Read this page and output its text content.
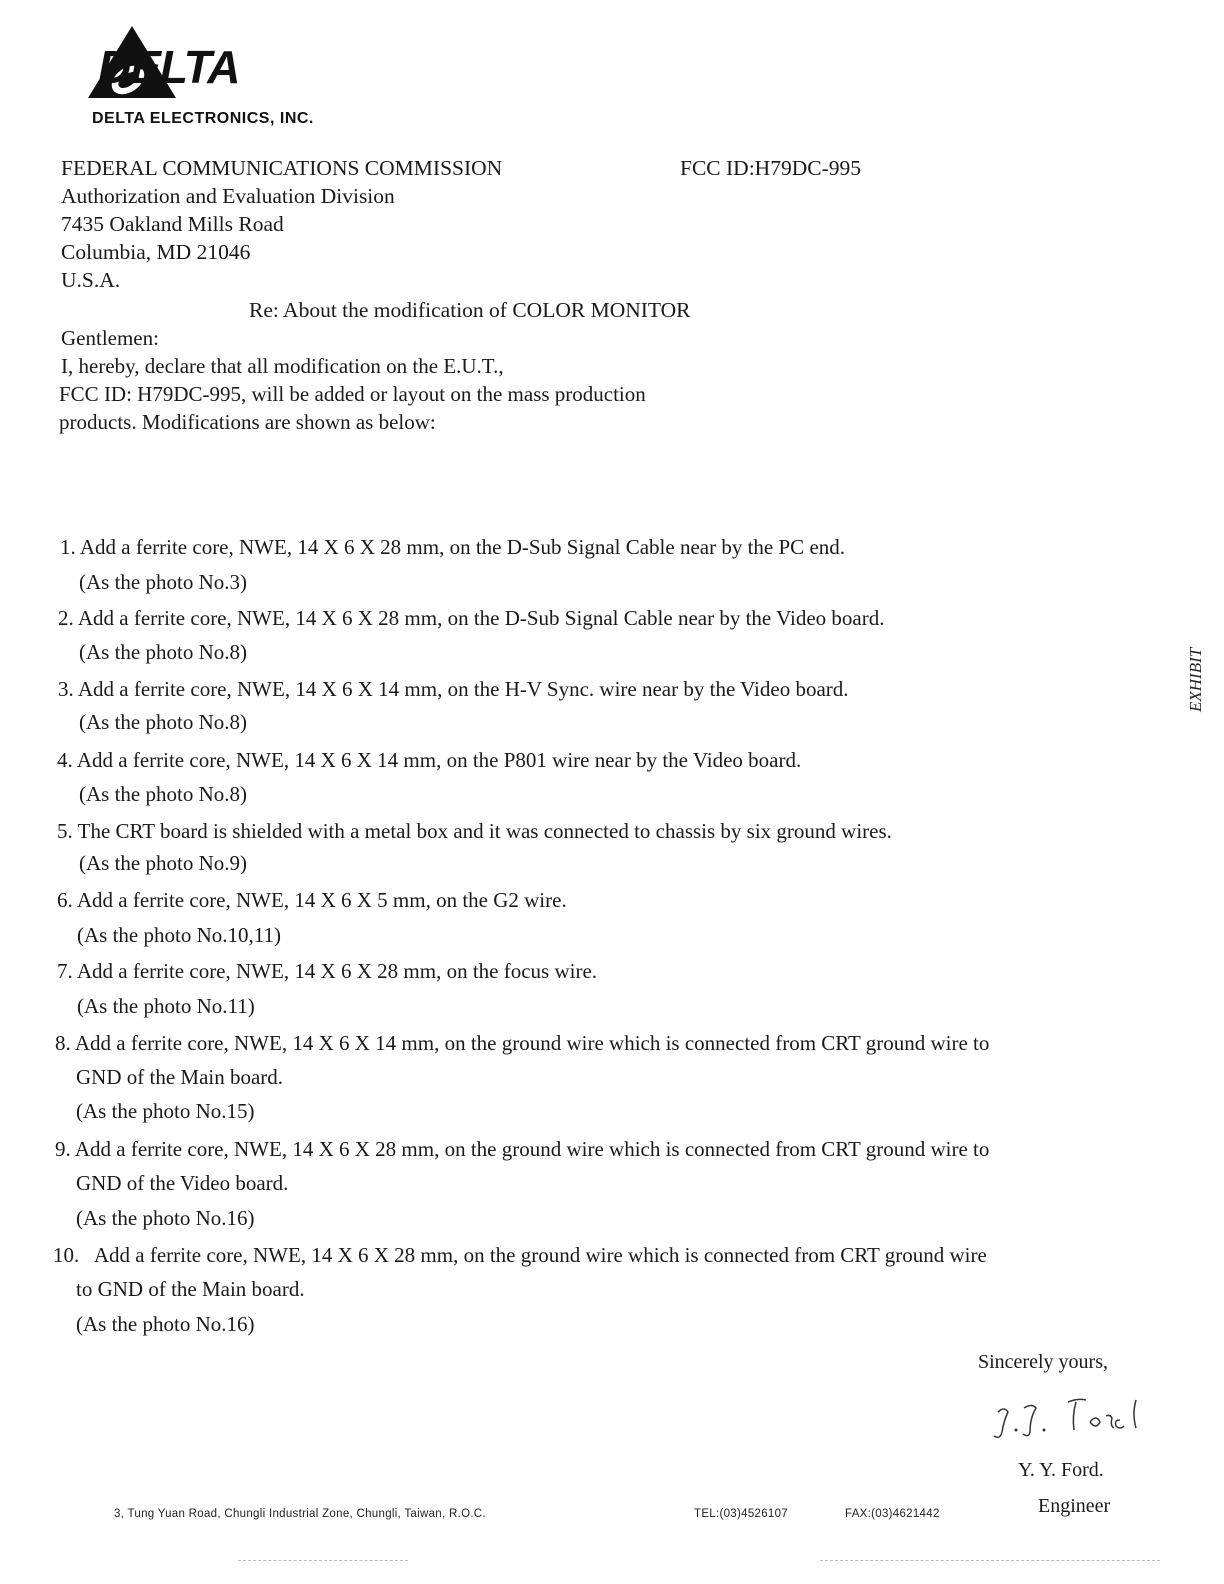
DELTA
DELTA ELECTRONICS, INC.
FEDERAL COMMUNICATIONS COMMISSION	FCC ID:H79DC-995
Authorization and Evaluation Division
7435 Oakland Mills Road
Columbia, MD 21046
U.S.A.
Re: About the modification of COLOR MONITOR
Gentlemen:
I, hereby, declare that all modification on the E.U.T.,
FCC ID: H79DC-995, will be added or layout on the mass production
products. Modifications are shown as below:
1. Add a ferrite core, NWE, 14 X 6 X 28 mm, on the D-Sub Signal Cable near by the PC end.
(As the photo No.3)
2. Add a ferrite core, NWE, 14 X 6 X 28 mm, on the D-Sub Signal Cable near by the Video board.
(As the photo No.8)
3. Add a ferrite core, NWE, 14 X 6 X 14 mm, on the H-V Sync. wire near by the Video board.
(As the photo No.8)
4. Add a ferrite core, NWE, 14 X 6 X 14 mm, on the P801 wire near by the Video board.
(As the photo No.8)
5. The CRT board is shielded with a metal box and it was connected to chassis by six ground wires.
(As the photo No.9)
6. Add a ferrite core, NWE, 14 X 6 X 5 mm, on the G2 wire.
(As the photo No.10,11)
7. Add a ferrite core, NWE, 14 X 6 X 28 mm, on the focus wire.
(As the photo No.11)
8. Add a ferrite core, NWE, 14 X 6 X 14 mm, on the ground wire which is connected from CRT ground wire to
GND of the Main board.
(As the photo No.15)
9. Add a ferrite core, NWE, 14 X 6 X 28 mm, on the ground wire which is connected from CRT ground wire to
GND of the Video board.
(As the photo No.16)
10.   Add a ferrite core, NWE, 14 X 6 X 28 mm, on the ground wire which is connected from CRT ground wire
to GND of the Main board.
(As the photo No.16)
EXHIBIT
Sincerely yours,
Y. Y. Ford.
Engineer
3, Tung Yuan Road, Chungli Industrial Zone, Chungli, Taiwan, R.O.C.	TEL:(03)4526107	FAX:(03)4621442
